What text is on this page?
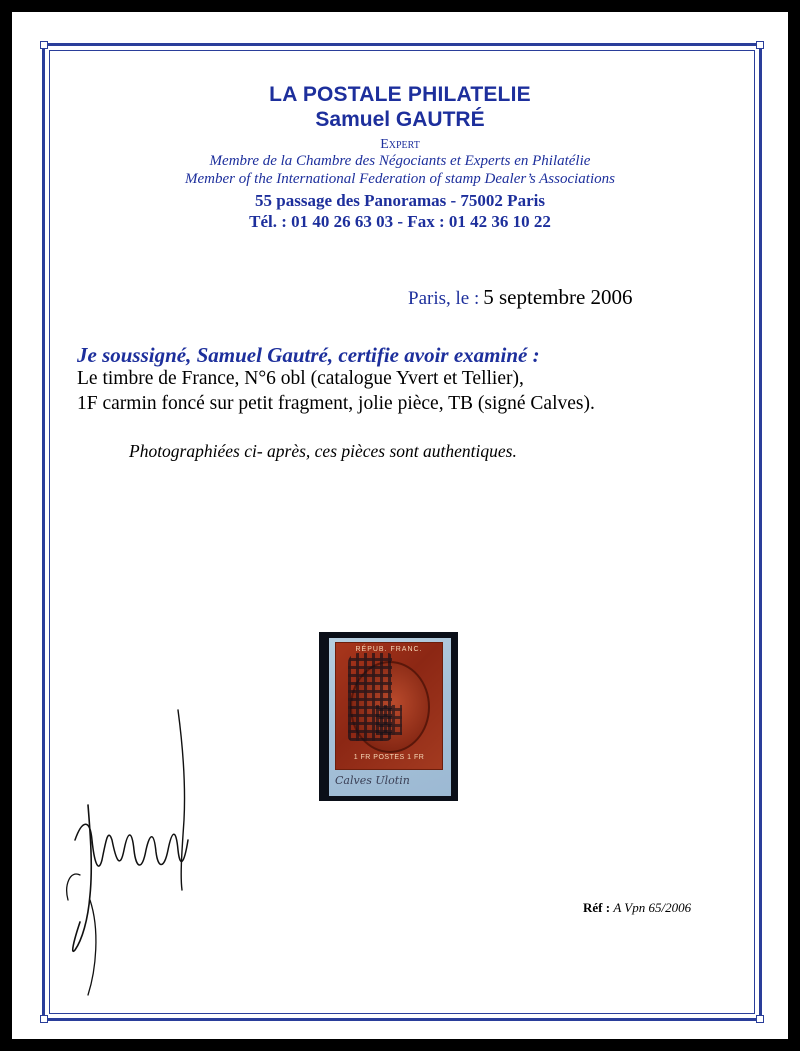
LA POSTALE PHILATELIE
Samuel GAUTRÉ
Expert
Membre de la Chambre des Négociants et Experts en Philatélie
Member of the International Federation of stamp Dealer’s Associations
55 passage des Panoramas - 75002 Paris
Tél. : 01 40 26 63 03 - Fax : 01 42 36 10 22
Paris, le : 5 septembre 2006
Je soussigné, Samuel Gautré, certifie avoir examiné :
Le timbre de France, N°6 obl (catalogue Yvert et Tellier),
1F carmin foncé sur petit fragment, jolie pièce, TB (signé Calves).
Photographiées ci- après, ces pièces sont authentiques.
RÉPUB. FRANC.
1 FR POSTES 1 FR
Calves Ulotin
Réf : A Vpn 65/2006
